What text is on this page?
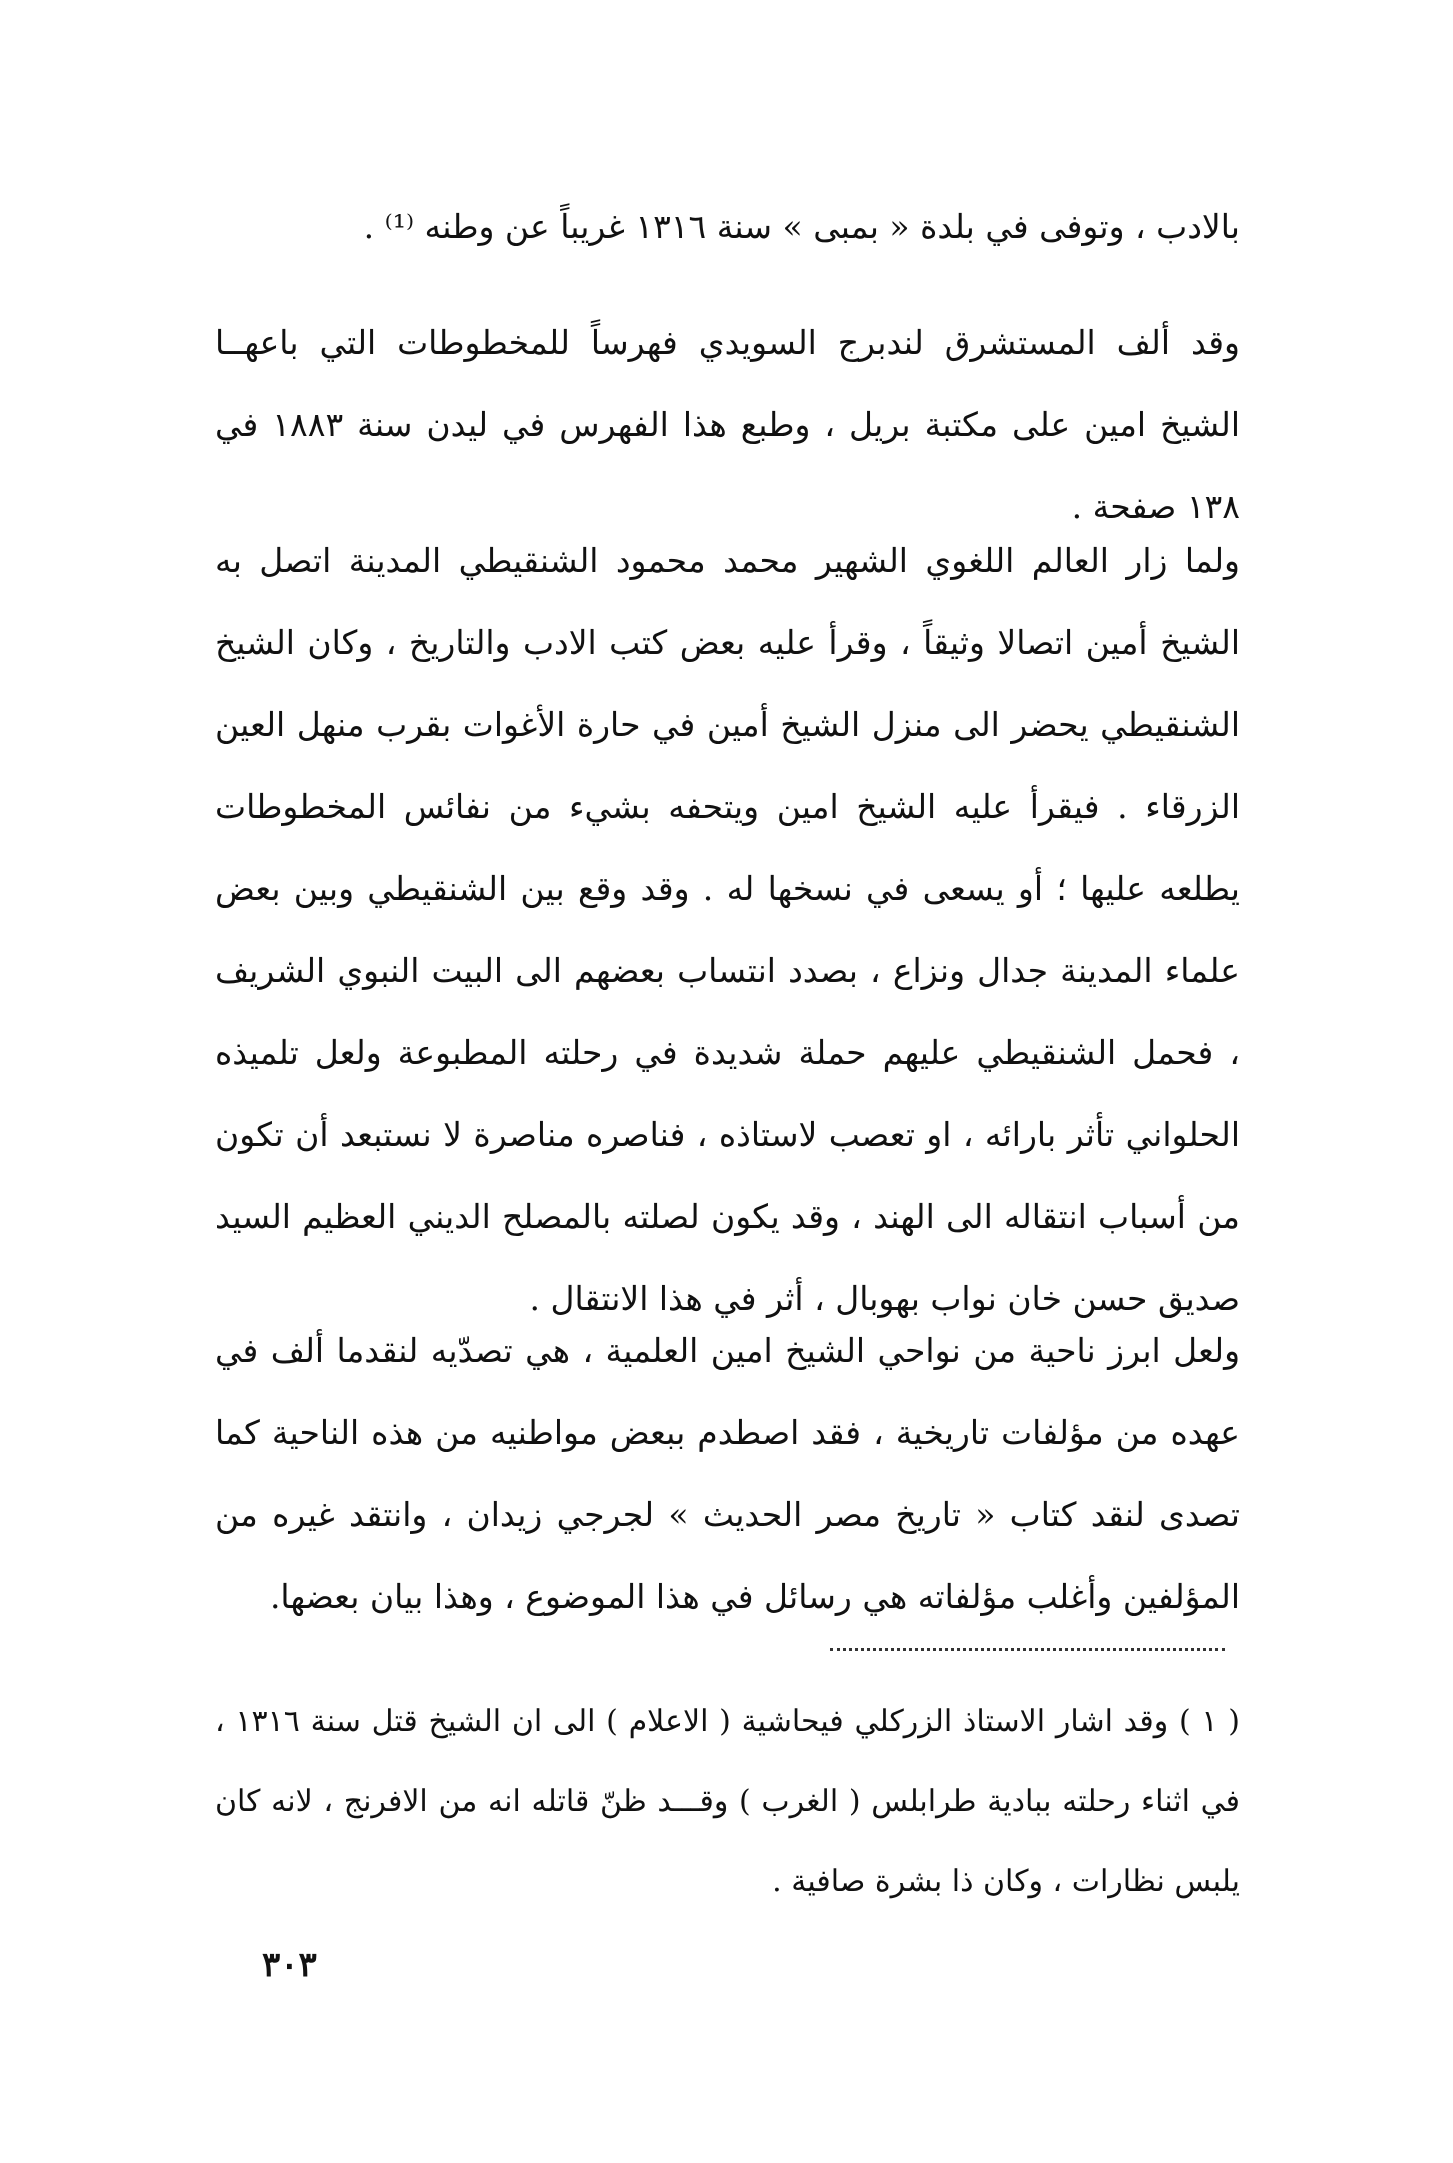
بالادب ، وتوفى في بلدة « بمبى » سنة ١٣١٦ غريباً عن وطنه ⁽¹⁾ .

وقد ألف المستشرق لندبرج السويدي فهرساً للمخطوطات التي باعهــا الشيخ امين على مكتبة بريل ، وطبع هذا الفهرس في ليدن سنة ١٨٨٣ في ١٣٨ صفحة .

ولما زار العالم اللغوي الشهير محمد محمود الشنقيطي المدينة اتصل به الشيخ أمين اتصالا وثيقاً ، وقرأ عليه بعض كتب الادب والتاريخ ، وكان الشيخ الشنقيطي يحضر الى منزل الشيخ أمين في حارة الأغوات بقرب منهل العين الزرقاء . فيقرأ عليه الشيخ امين ويتحفه بشيء من نفائس المخطوطات يطلعه عليها ؛ أو يسعى في نسخها له . وقد وقع بين الشنقيطي وبين بعض علماء المدينة جدال ونزاع ، بصدد انتساب بعضهم الى البيت النبوي الشريف ، فحمل الشنقيطي عليهم حملة شديدة في رحلته المطبوعة ولعل تلميذه الحلواني تأثر بارائه ، او تعصب لاستاذه ، فناصره مناصرة لا نستبعد أن تكون من أسباب انتقاله الى الهند ، وقد يكون لصلته بالمصلح الديني العظيم السيد صديق حسن خان نواب بهوبال ، أثر في هذا الانتقال .

ولعل ابرز ناحية من نواحي الشيخ امين العلمية ، هي تصدّيه لنقدما ألف في عهده من مؤلفات تاريخية ، فقد اصطدم ببعض مواطنيه من هذه الناحية كما تصدى لنقد كتاب « تاريخ مصر الحديث » لجرجي زيدان ، وانتقد غيره من المؤلفين وأغلب مؤلفاته هي رسائل في هذا الموضوع ، وهذا بيان بعضها.

( ١ ) وقد اشار الاستاذ الزركلي فيحاشية ( الاعلام ) الى ان الشيخ قتل سنة ١٣١٦ ، في اثناء رحلته ببادية طرابلس ( الغرب ) وقـــد ظنّ قاتله انه من الافرنج ، لانه كان يلبس نظارات ، وكان ذا بشرة صافية .

٣٠٣
